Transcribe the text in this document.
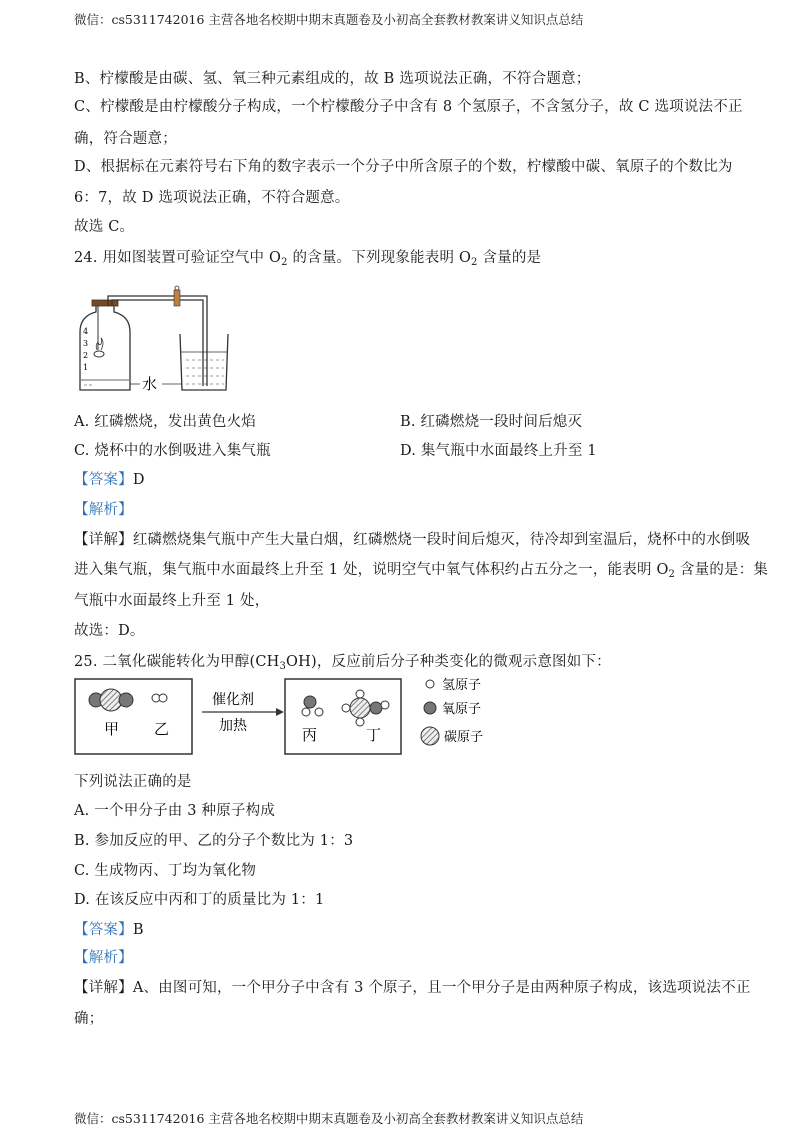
微信：cs5311742016 主营各地名校期中期末真题卷及小初高全套教材教案讲义知识点总结
B、柠檬酸是由碳、氢、氧三种元素组成的，故 B 选项说法正确，不符合题意；
C、柠檬酸是由柠檬酸分子构成，一个柠檬酸分子中含有 8 个氢原子，不含氢分子，故 C 选项说法不正
确，符合题意；
D、根据标在元素符号右下角的数字表示一个分子中所含原子的个数，柠檬酸中碳、氧原子的个数比为
6：7，故 D 选项说法正确，不符合题意。
故选 C。
24. 用如图装置可验证空气中 $O_2$ 的含量。下列现象能表明 $O_2$ 含量的是
4
3
2
1
水
A. 红磷燃烧，发出黄色火焰	B. 红磷燃烧一段时间后熄灭
C. 烧杯中的水倒吸进入集气瓶	D. 集气瓶中水面最终上升至 1
【答案】D
【解析】
【详解】红磷燃烧集气瓶中产生大量白烟，红磷燃烧一段时间后熄灭，待冷却到室温后，烧杯中的水倒吸
进入集气瓶，集气瓶中水面最终上升至 1 处，说明空气中氧气体积约占五分之一，能表明 $O_2$ 含量的是：集
气瓶中水面最终上升至 1 处，
故选：D。
25. 二氧化碳能转化为甲醇$(CH_3OH)$，反应前后分子种类变化的微观示意图如下：
甲 乙
催化剂
加热	丙	丁
氢原子
氧原子
碳原子
下列说法正确的是
A. 一个甲分子由 3 种原子构成
B. 参加反应的甲、乙的分子个数比为 1：3
C. 生成物丙、丁均为氧化物
D. 在该反应中丙和丁的质量比为 1：1
【答案】B
【解析】
【详解】A、由图可知，一个甲分子中含有 3 个原子，且一个甲分子是由两种原子构成，该选项说法不正
确；
微信：cs5311742016 主营各地名校期中期末真题卷及小初高全套教材教案讲义知识点总结
